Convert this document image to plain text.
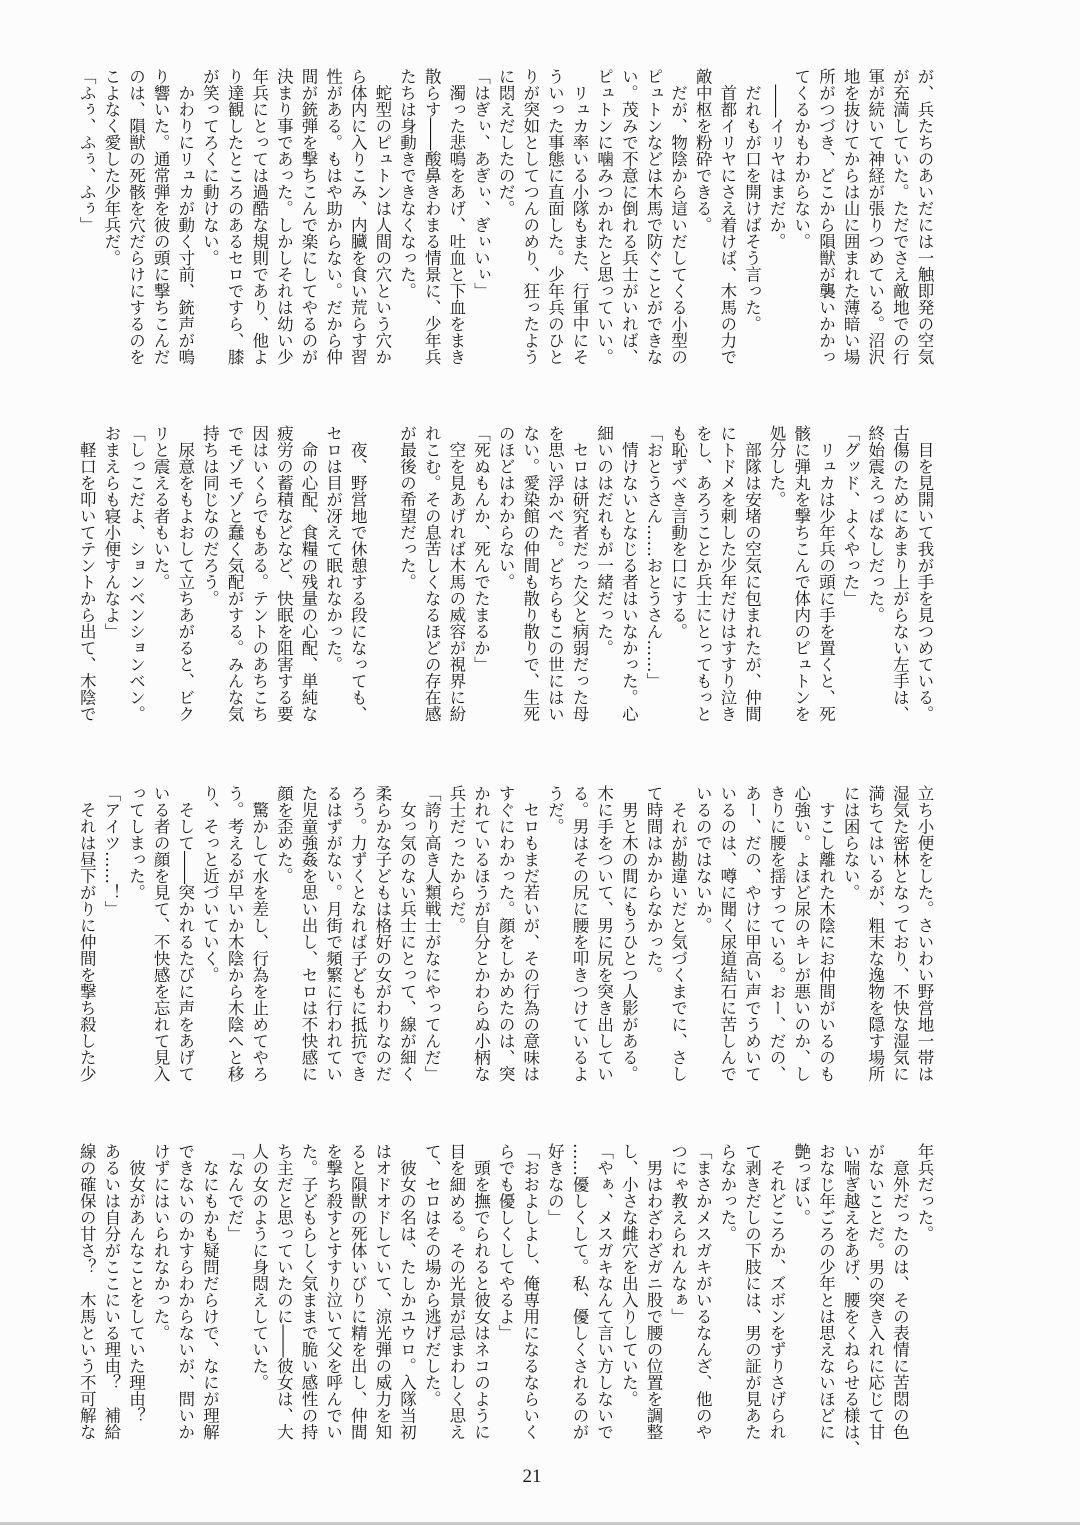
が、兵たちのあいだには一触即発の空気
が充満していた。ただでさえ敵地での行
軍が続いて神経が張りつめている。沼沢
地を抜けてからは山に囲まれた薄暗い場
所がつづき、どこから隕獣が襲いかかっ
てくるかもわからない。
　――イリヤはまだか。
　だれもが口を開けばそう言った。
　首都イリヤにさえ着けば、木馬の力で
敵中枢を粉砕できる。
　だが、物陰から這いだしてくる小型の
ピュトンなどは木馬で防ぐことができな
い。茂みで不意に倒れる兵士がいれば、
ピュトンに噛みつかれたと思っていい。
　リュカ率いる小隊もまた、行軍中にそ
ういった事態に直面した。少年兵のひと
りが突如としてつんのめり、狂ったよう
に悶えだしたのだ。
「はぎぃ、あぎぃ、ぎぃいぃ」
　濁った悲鳴をあげ、吐血と下血をまき
散らす――酸鼻きわまる情景に、少年兵
たちは身動きできなくなった。
　蛇型のピュトンは人間の穴という穴か
ら体内に入りこみ、内臓を食い荒らす習
性がある。もはや助からない。だから仲
間が銃弾を撃ちこんで楽にしてやるのが
決まり事であった。しかしそれは幼い少
年兵にとっては過酷な規則であり、他よ
り達観したところのあるセロですら、膝
が笑ってろくに動けない。
　かわりにリュカが動く寸前、銃声が鳴
り響いた。通常弾を彼の頭に撃ちこんだ
のは、隕獣の死骸を穴だらけにするのを
こよなく愛した少年兵だ。
「ふぅ、ふぅ、ふぅ」
　目を見開いて我が手を見つめている。
古傷のためにあまり上がらない左手は、
終始震えっぱなしだった。
「グッド、よくやった」
　リュカは少年兵の頭に手を置くと、死
骸に弾丸を撃ちこんで体内のピュトンを
処分した。
　部隊は安堵の空気に包まれたが、仲間
にトドメを刺した少年だけはすすり泣き
をし、あろうことか兵士にとってもっと
も恥ずべき言動を口にする。
「おとうさん……おとうさん……」
　情けないとなじる者はいなかった。心
細いのはだれもが一緒だった。
　セロは研究者だった父と病弱だった母
を思い浮かべた。どちらもこの世にはい
ない。愛染館の仲間も散り散りで、生死
のほどはわからない。
「死ぬもんか、死んでたまるか」
　空を見あげれば木馬の威容が視界に紛
れこむ。その息苦しくなるほどの存在感
が最後の希望だった。
　夜、野営地で休憩する段になっても、
セロは目が冴えて眠れなかった。
　命の心配、食糧の残量の心配、単純な
疲労の蓄積などなど、快眠を阻害する要
因はいくらでもある。テントのあちこち
でモゾモゾと蠢く気配がする。みんな気
持ちは同じなのだろう。
　尿意をもよおして立ちあがると、ビク
リと震える者もいた。
「しっこだよ、ションベンションベン。
おまえらも寝小便すんなよ」
　軽口を叩いてテントから出て、木陰で
立ち小便をした。さいわい野営地一帯は
湿気た密林となっており、不快な湿気に
満ちてはいるが、粗末な逸物を隠す場所
には困らない。
　すこし離れた木陰にお仲間がいるのも
心強い。よほど尿のキレが悪いのか、し
きりに腰を揺すっている。おー、だの、
あー、だの、やけに甲高い声でうめいて
いるのは、噂に聞く尿道結石に苦しんで
いるのではないか。
　それが勘違いだと気づくまでに、さし
て時間はかからなかった。
　男と木の間にもうひとつ人影がある。
木に手をついて、男に尻を突き出してい
る。男はその尻に腰を叩きつけているよ
うだ。
　セロもまだ若いが、その行為の意味は
すぐにわかった。顔をしかめたのは、突
かれているほうが自分とかわらぬ小柄な
兵士だったからだ。
「誇り高き人類戦士がなにやってんだ」
　女っ気のない兵士にとって、線が細く
柔らかな子どもは格好の女がわりなのだ
ろう。力ずくとなれば子どもに抵抗でき
るはずがない。月街で頻繁に行われてい
た児童強姦を思い出し、セロは不快感に
顔を歪めた。
　驚かして水を差し、行為を止めてやろ
う。考えるが早いか木陰から木陰へと移
り、そっと近づいていく。
　そして――突かれるたびに声をあげて
いる者の顔を見て、不快感を忘れて見入
ってしまった。
「アイツ……！」
　それは昼下がりに仲間を撃ち殺した少
年兵だった。
　意外だったのは、その表情に苦悶の色
がないことだ。男の突き入れに応じて甘
い喘ぎ越えをあげ、腰をくねらせる様は、
おなじ年ごろの少年とは思えないほどに
艶っぽい。
　それどころか、ズボンをずりさげられ
て剥きだしの下肢には、男の証が見あた
らなかった。
「まさかメスガキがいるなんざ、他のや
つにゃ教えられんなぁ」
　男はわざわざガニ股で腰の位置を調整
し、小さな雌穴を出入りしていた。
「やぁ、メスガキなんて言い方しないで
……優しくして。私、優しくされるのが
好きなの」
「おおよしよし、俺専用になるならいく
らでも優しくしてやるよ」
　頭を撫でられると彼女はネコのように
目を細める。その光景が忌まわしく思え
て、セロはその場から逃げだした。
　彼女の名は、たしかユウロ。入隊当初
はオドオドしていて、涼光弾の威力を知
ると隕獣の死体いびりに精を出し、仲間
を撃ち殺すとすすり泣いて父を呼んでい
た。子どもらしく気ままで脆い感性の持
ち主だと思っていたのに――彼女は、大
人の女のように身悶えしていた。
「なんでだ」
　なにもかも疑問だらけで、なにが理解
できないのかすらわからないが、問いか
けずにはいられなかった。
　彼女があんなことをしていた理由？
あるいは自分がここにいる理由？　補給
線の確保の甘さ？　木馬という不可解な
21
